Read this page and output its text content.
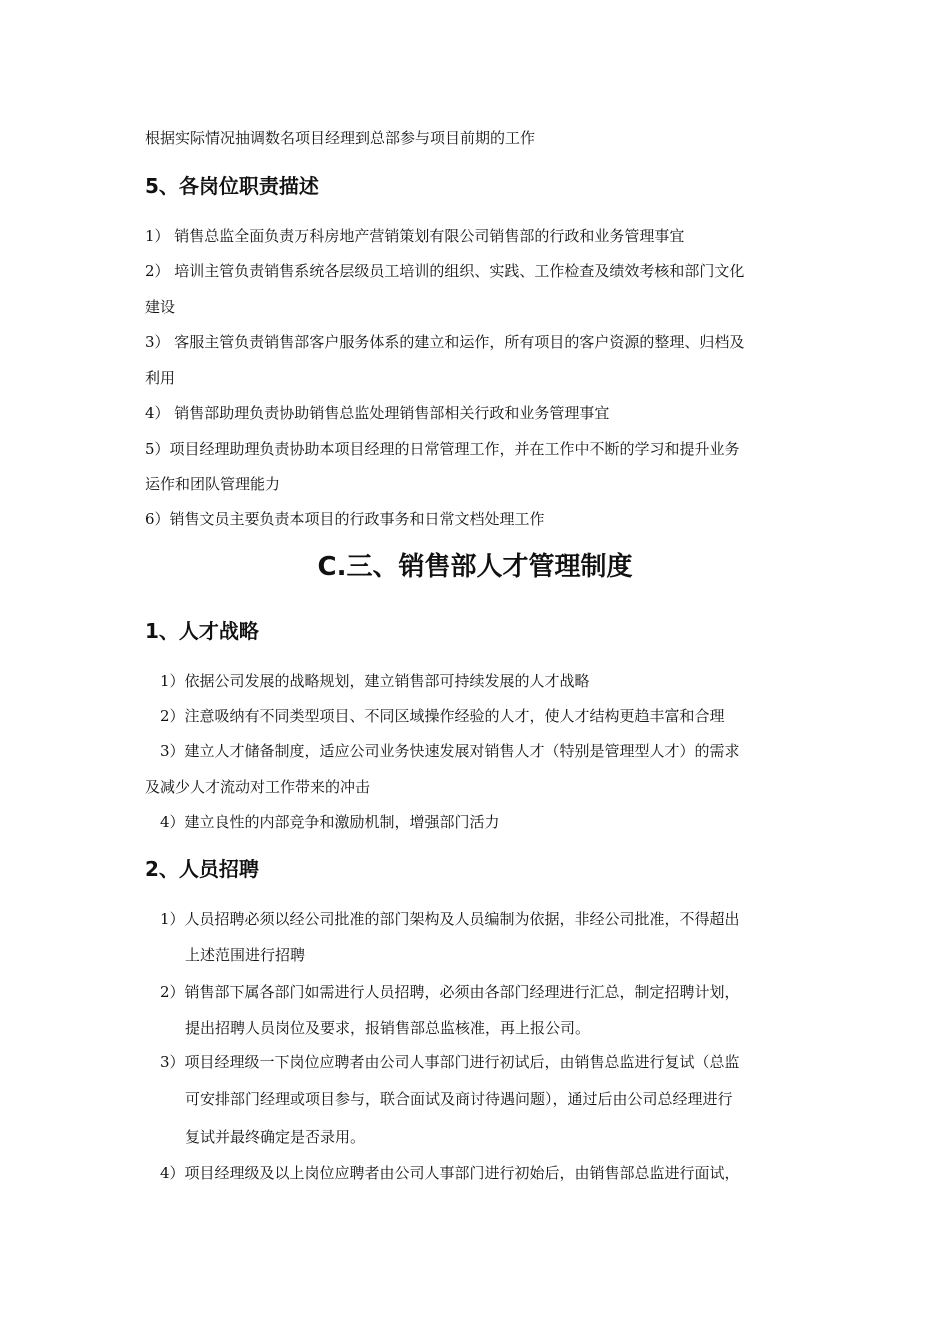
根据实际情况抽调数名项目经理到总部参与项目前期的工作

5、各岗位职责描述

1） 销售总监全面负责万科房地产营销策划有限公司销售部的行政和业务管理事宜

2） 培训主管负责销售系统各层级员工培训的组织、实践、工作检查及绩效考核和部门文化

建设

3） 客服主管负责销售部客户服务体系的建立和运作，所有项目的客户资源的整理、归档及

利用

4） 销售部助理负责协助销售总监处理销售部相关行政和业务管理事宜

5）项目经理助理负责协助本项目经理的日常管理工作，并在工作中不断的学习和提升业务

运作和团队管理能力

6）销售文员主要负责本项目的行政事务和日常文档处理工作

C.三、销售部人才管理制度
1、人才战略

1）依据公司发展的战略规划，建立销售部可持续发展的人才战略

2）注意吸纳有不同类型项目、不同区域操作经验的人才，使人才结构更趋丰富和合理

3）建立人才储备制度，适应公司业务快速发展对销售人才（特别是管理型人才）的需求

及减少人才流动对工作带来的冲击

4）建立良性的内部竞争和激励机制，增强部门活力

2、人员招聘

1）人员招聘必须以经公司批准的部门架构及人员编制为依据，非经公司批准，不得超出

上述范围进行招聘

2）销售部下属各部门如需进行人员招聘，必须由各部门经理进行汇总，制定招聘计划，

提出招聘人员岗位及要求，报销售部总监核准，再上报公司。

3）项目经理级一下岗位应聘者由公司人事部门进行初试后，由销售总监进行复试（总监

可安排部门经理或项目参与，联合面试及商讨待遇问题），通过后由公司总经理进行

复试并最终确定是否录用。

4）项目经理级及以上岗位应聘者由公司人事部门进行初始后，由销售部总监进行面试，
